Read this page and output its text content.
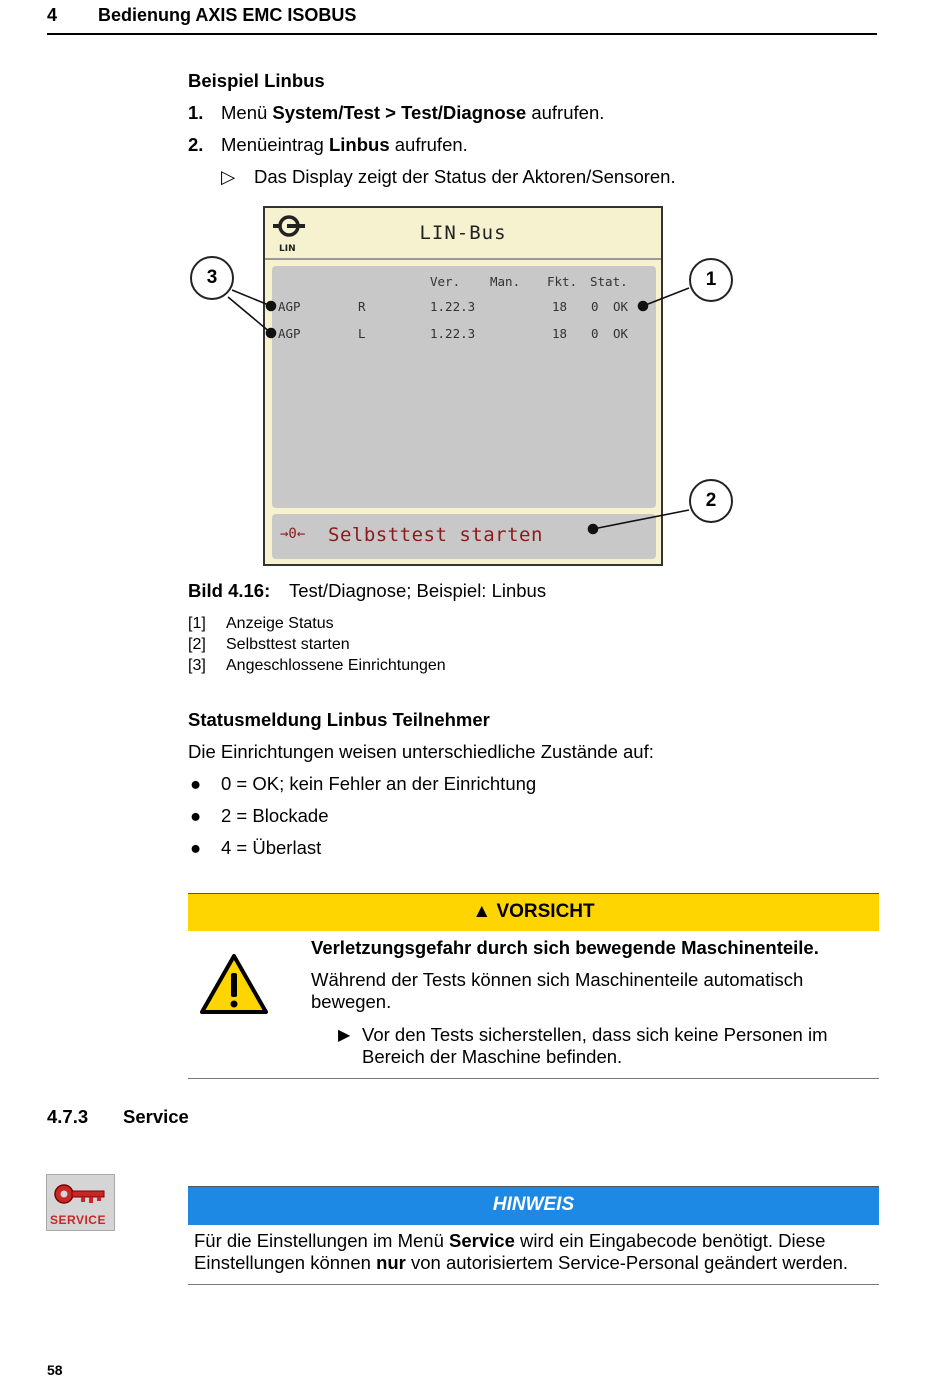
4 Bedienung AXIS EMC ISOBUS
Beispiel Linbus
1. Menü System/Test > Test/Diagnose aufrufen.
2. Menüeintrag Linbus aufrufen.
▷ Das Display zeigt der Status der Aktoren/Sensoren.
LIN
LIN-Bus
Ver. Man. Fkt. Stat.
AGP	R	1.22.3	18 0 OK
AGP	L	1.22.3	18 0 OK
→0← Selbsttest starten
1
2
3
Bild 4.16: Test/Diagnose; Beispiel: Linbus
[1] Anzeige Status
[2] Selbsttest starten
[3] Angeschlossene Einrichtungen
Statusmeldung Linbus Teilnehmer
Die Einrichtungen weisen unterschiedliche Zustände auf:
● 0 = OK; kein Fehler an der Einrichtung
● 2 = Blockade
● 4 = Überlast
▲ VORSICHT
Verletzungsgefahr durch sich bewegende Maschinenteile.
Während der Tests können sich Maschinenteile automatisch bewegen.
▶ Vor den Tests sicherstellen, dass sich keine Personen im Bereich der Maschine befinden.
4.7.3 Service
SERVICE
HINWEIS
Für die Einstellungen im Menü Service wird ein Eingabecode benötigt. Diese Einstellungen können nur von autorisiertem Service-Personal geändert werden.
58
